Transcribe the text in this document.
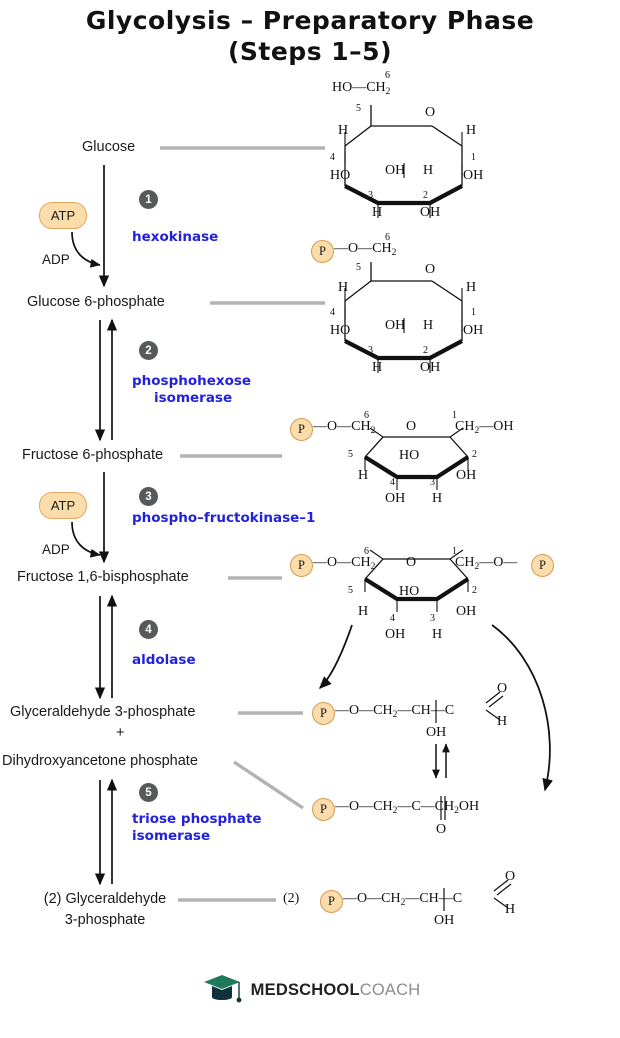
Glycolysis – Preparatory Phase
(Steps 1–5)
Glucose
Glucose 6-phosphate
Fructose 6-phosphate
Fructose 1,6-bisphosphate
Glyceraldehyde 3-phosphate
+
Dihydroxyancetone phosphate
(2) Glyceraldehyde
3-phosphate
1
2
3
4
5
hexokinase
phosphohexose
isomerase
phospho–fructokinase–1
aldolase
triose phosphate
isomerase
ATP
ADP
ATP
ADP
$HO—CH_2$
6
5	O
H	H
4
HO OH H
1
OH
3	2
H	OH
P $—O—CH_2$
6
5	O
H	H
4
HO OH H
1
OH
3	2
H	OH
P $—O—CH_2$
6
O
1
$CH_2—OH$
5	2
H
HO
OH
4	3
OH H
P $—O—CH_2$
6
O
1
$CH_2—O—$	P
5	2
H
HO
OH
4	3
OH H
P $—O—CH_2—CH—C$
O
H
OH
P $—O—CH_2—C—CH_2OH$
O
(2)	P $—O—CH_2—CH—C$
O
H
OH
MEDSCHOOLCOACH
